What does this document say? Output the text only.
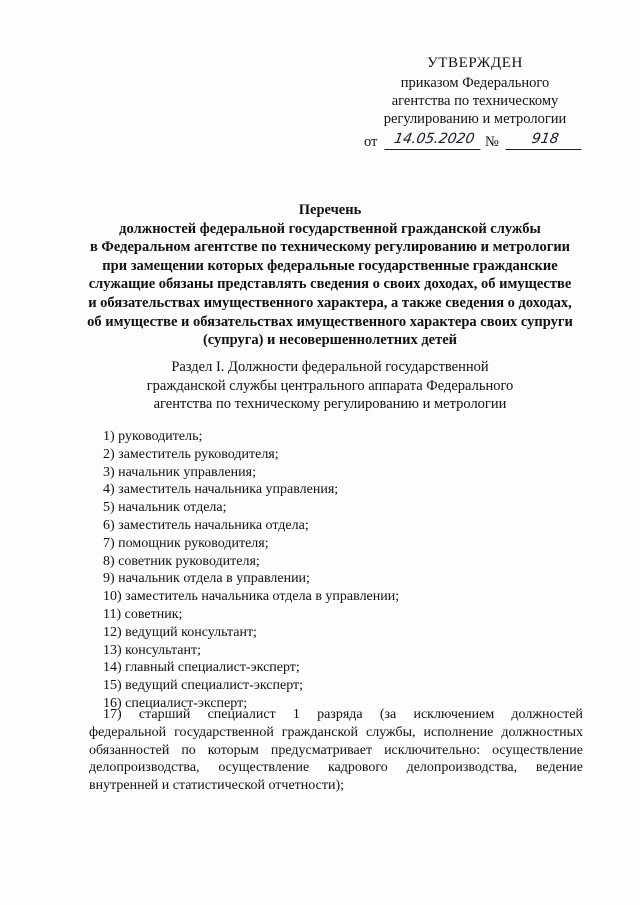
УТВЕРЖДЕН
приказом Федерального
агентства по техническому
регулированию и метрологии
от	14.05.2020 №	918
Перечень
должностей федеральной государственной гражданской службы
в Федеральном агентстве по техническому регулированию и метрологии
при замещении которых федеральные государственные гражданские
служащие обязаны представлять сведения о своих доходах, об имуществе
и обязательствах имущественного характера, а также сведения о доходах,
об имуществе и обязательствах имущественного характера своих супруги
(супруга) и несовершеннолетних детей
Раздел I. Должности федеральной государственной
гражданской службы центрального аппарата Федерального
агентства по техническому регулированию и метрологии
1) руководитель;
2) заместитель руководителя;
3) начальник управления;
4) заместитель начальника управления;
5) начальник отдела;
6) заместитель начальника отдела;
7) помощник руководителя;
8) советник руководителя;
9) начальник отдела в управлении;
10) заместитель начальника отдела в управлении;
11) советник;
12) ведущий консультант;
13) консультант;
14) главный специалист-эксперт;
15) ведущий специалист-эксперт;
16) специалист-эксперт;
17) старший специалист 1 разряда (за исключением должностей
федеральной государственной гражданской службы, исполнение должностных
обязанностей по которым предусматривает исключительно: осуществление
делопроизводства, осуществление кадрового делопроизводства, ведение
внутренней и статистической отчетности);
